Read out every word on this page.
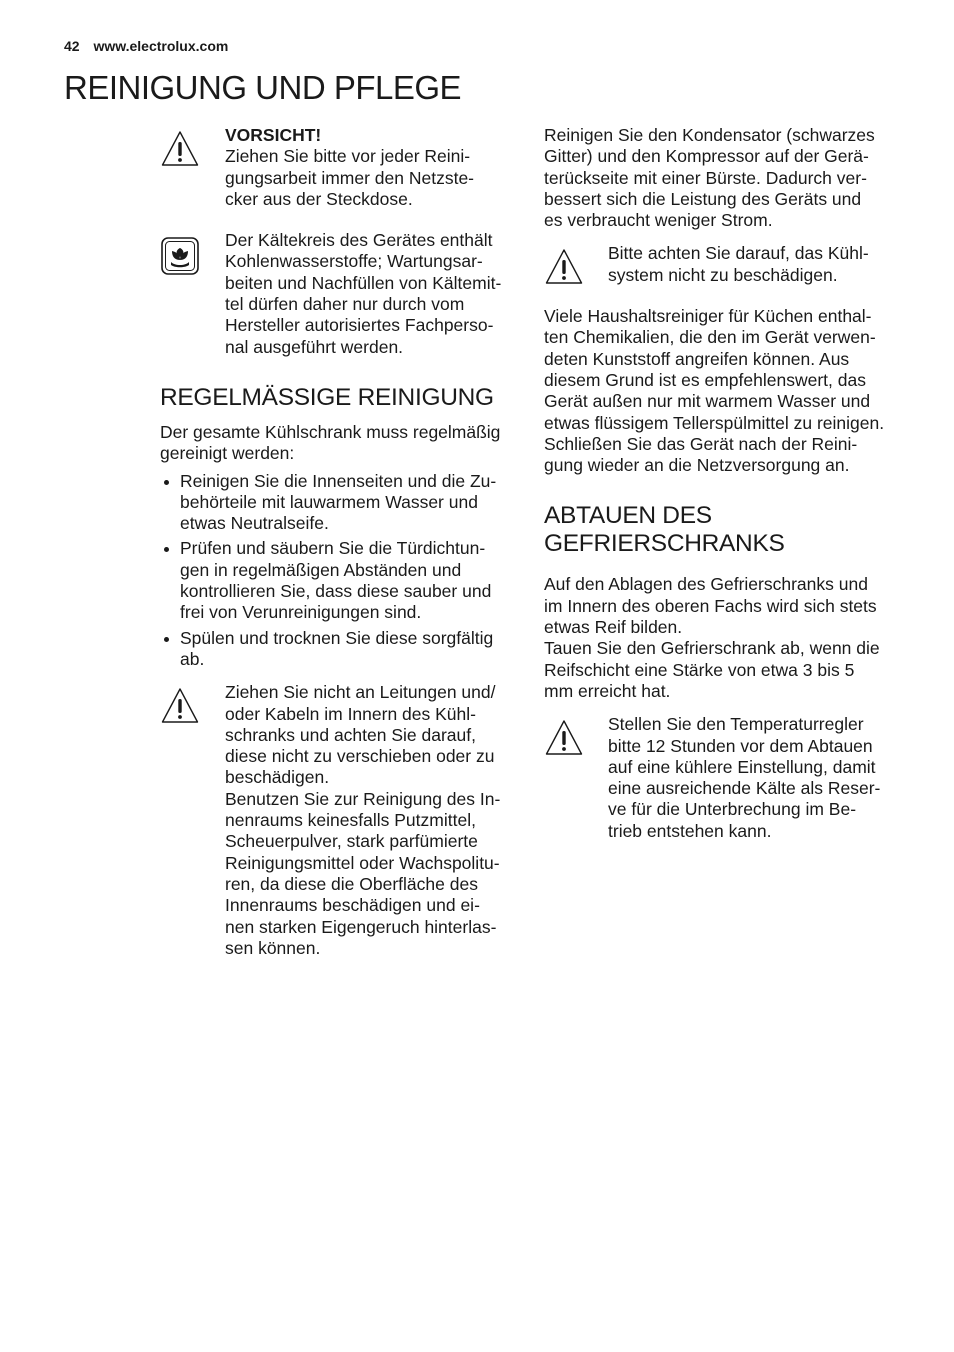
42 www.electrolux.com
REINIGUNG UND PFLEGE

VORSICHT!

Ziehen Sie bitte vor jeder Reini-
gungsarbeit immer den Netzste-
cker aus der Steckdose.

Der Kältekreis des Gerätes enthält
Kohlenwasserstoffe; Wartungsar-
beiten und Nachfüllen von Kältemit-
tel dürfen daher nur durch vom
Hersteller autorisiertes Fachperso-
nal ausgeführt werden.

REGELMÄSSIGE REINIGUNG

Der gesamte Kühlschrank muss regelmäßig
gereinigt werden:

Reinigen Sie die Innenseiten und die Zu-
behörteile mit lauwarmem Wasser und
etwas Neutralseife.
Prüfen und säubern Sie die Türdichtun-
gen in regelmäßigen Abständen und
kontrollieren Sie, dass diese sauber und
frei von Verunreinigungen sind.
Spülen und trocknen Sie diese sorgfältig
ab.

Ziehen Sie nicht an Leitungen und/
oder Kabeln im Innern des Kühl-
schranks und achten Sie darauf,
diese nicht zu verschieben oder zu
beschädigen.
Benutzen Sie zur Reinigung des In-
nenraums keinesfalls Putzmittel,
Scheuerpulver, stark parfümierte
Reinigungsmittel oder Wachspolitu-
ren, da diese die Oberfläche des
Innenraums beschädigen und ei-
nen starken Eigengeruch hinterlas-
sen können.

Reinigen Sie den Kondensator (schwarzes
Gitter) und den Kompressor auf der Gerä-
terückseite mit einer Bürste. Dadurch ver-
bessert sich die Leistung des Geräts und
es verbraucht weniger Strom.

Bitte achten Sie darauf, das Kühl-
system nicht zu beschädigen.

Viele Haushaltsreiniger für Küchen enthal-
ten Chemikalien, die den im Gerät verwen-
deten Kunststoff angreifen können. Aus
diesem Grund ist es empfehlenswert, das
Gerät außen nur mit warmem Wasser und
etwas flüssigem Tellerspülmittel zu reinigen.
Schließen Sie das Gerät nach der Reini-
gung wieder an die Netzversorgung an.

ABTAUEN DES
GEFRIERSCHRANKS

Auf den Ablagen des Gefrierschranks und
im Innern des oberen Fachs wird sich stets
etwas Reif bilden.
Tauen Sie den Gefrierschrank ab, wenn die
Reifschicht eine Stärke von etwa 3 bis 5
mm erreicht hat.

Stellen Sie den Temperaturregler
bitte 12 Stunden vor dem Abtauen
auf eine kühlere Einstellung, damit
eine ausreichende Kälte als Reser-
ve für die Unterbrechung im Be-
trieb entstehen kann.
